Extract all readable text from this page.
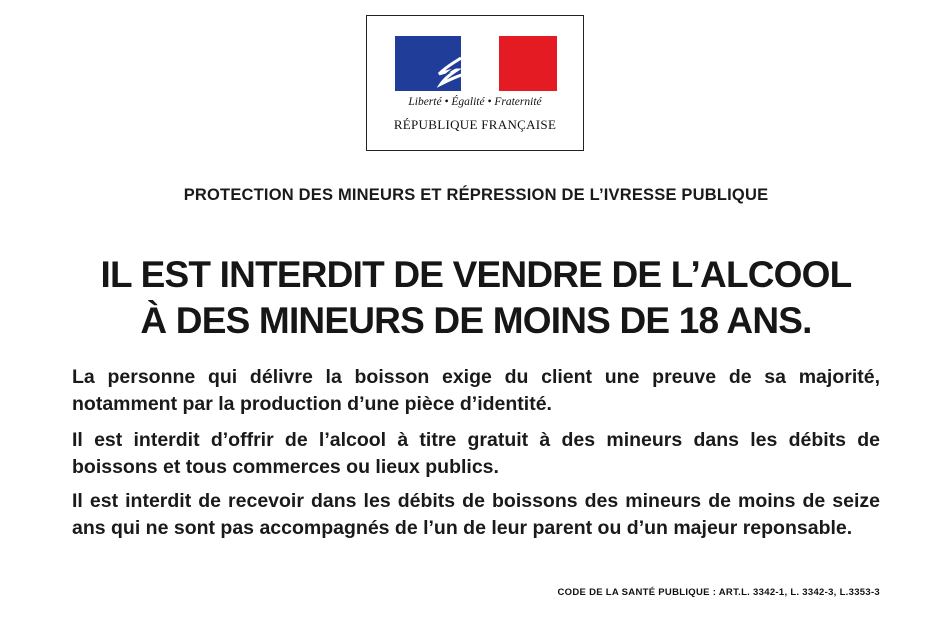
Liberté • Égalité • Fraternité
RÉPUBLIQUE FRANÇAISE
PROTECTION DES MINEURS ET RÉPRESSION DE L’IVRESSE PUBLIQUE
IL EST INTERDIT DE VENDRE DE L’ALCOOL
À DES MINEURS DE MOINS DE 18 ANS.
La personne qui délivre la boisson exige du client une preuve de sa majorité, notamment par la production d’une pièce d’identité.
Il est interdit d’offrir de l’alcool à titre gratuit à des mineurs dans les débits de boissons et tous commerces ou lieux publics.
Il est interdit de recevoir dans les débits de boissons des mineurs de moins de seize ans qui ne sont pas accompagnés de l’un de leur parent ou d’un majeur reponsable.
CODE DE LA SANTÉ PUBLIQUE : ART.L. 3342-1, L. 3342-3, L.3353-3
